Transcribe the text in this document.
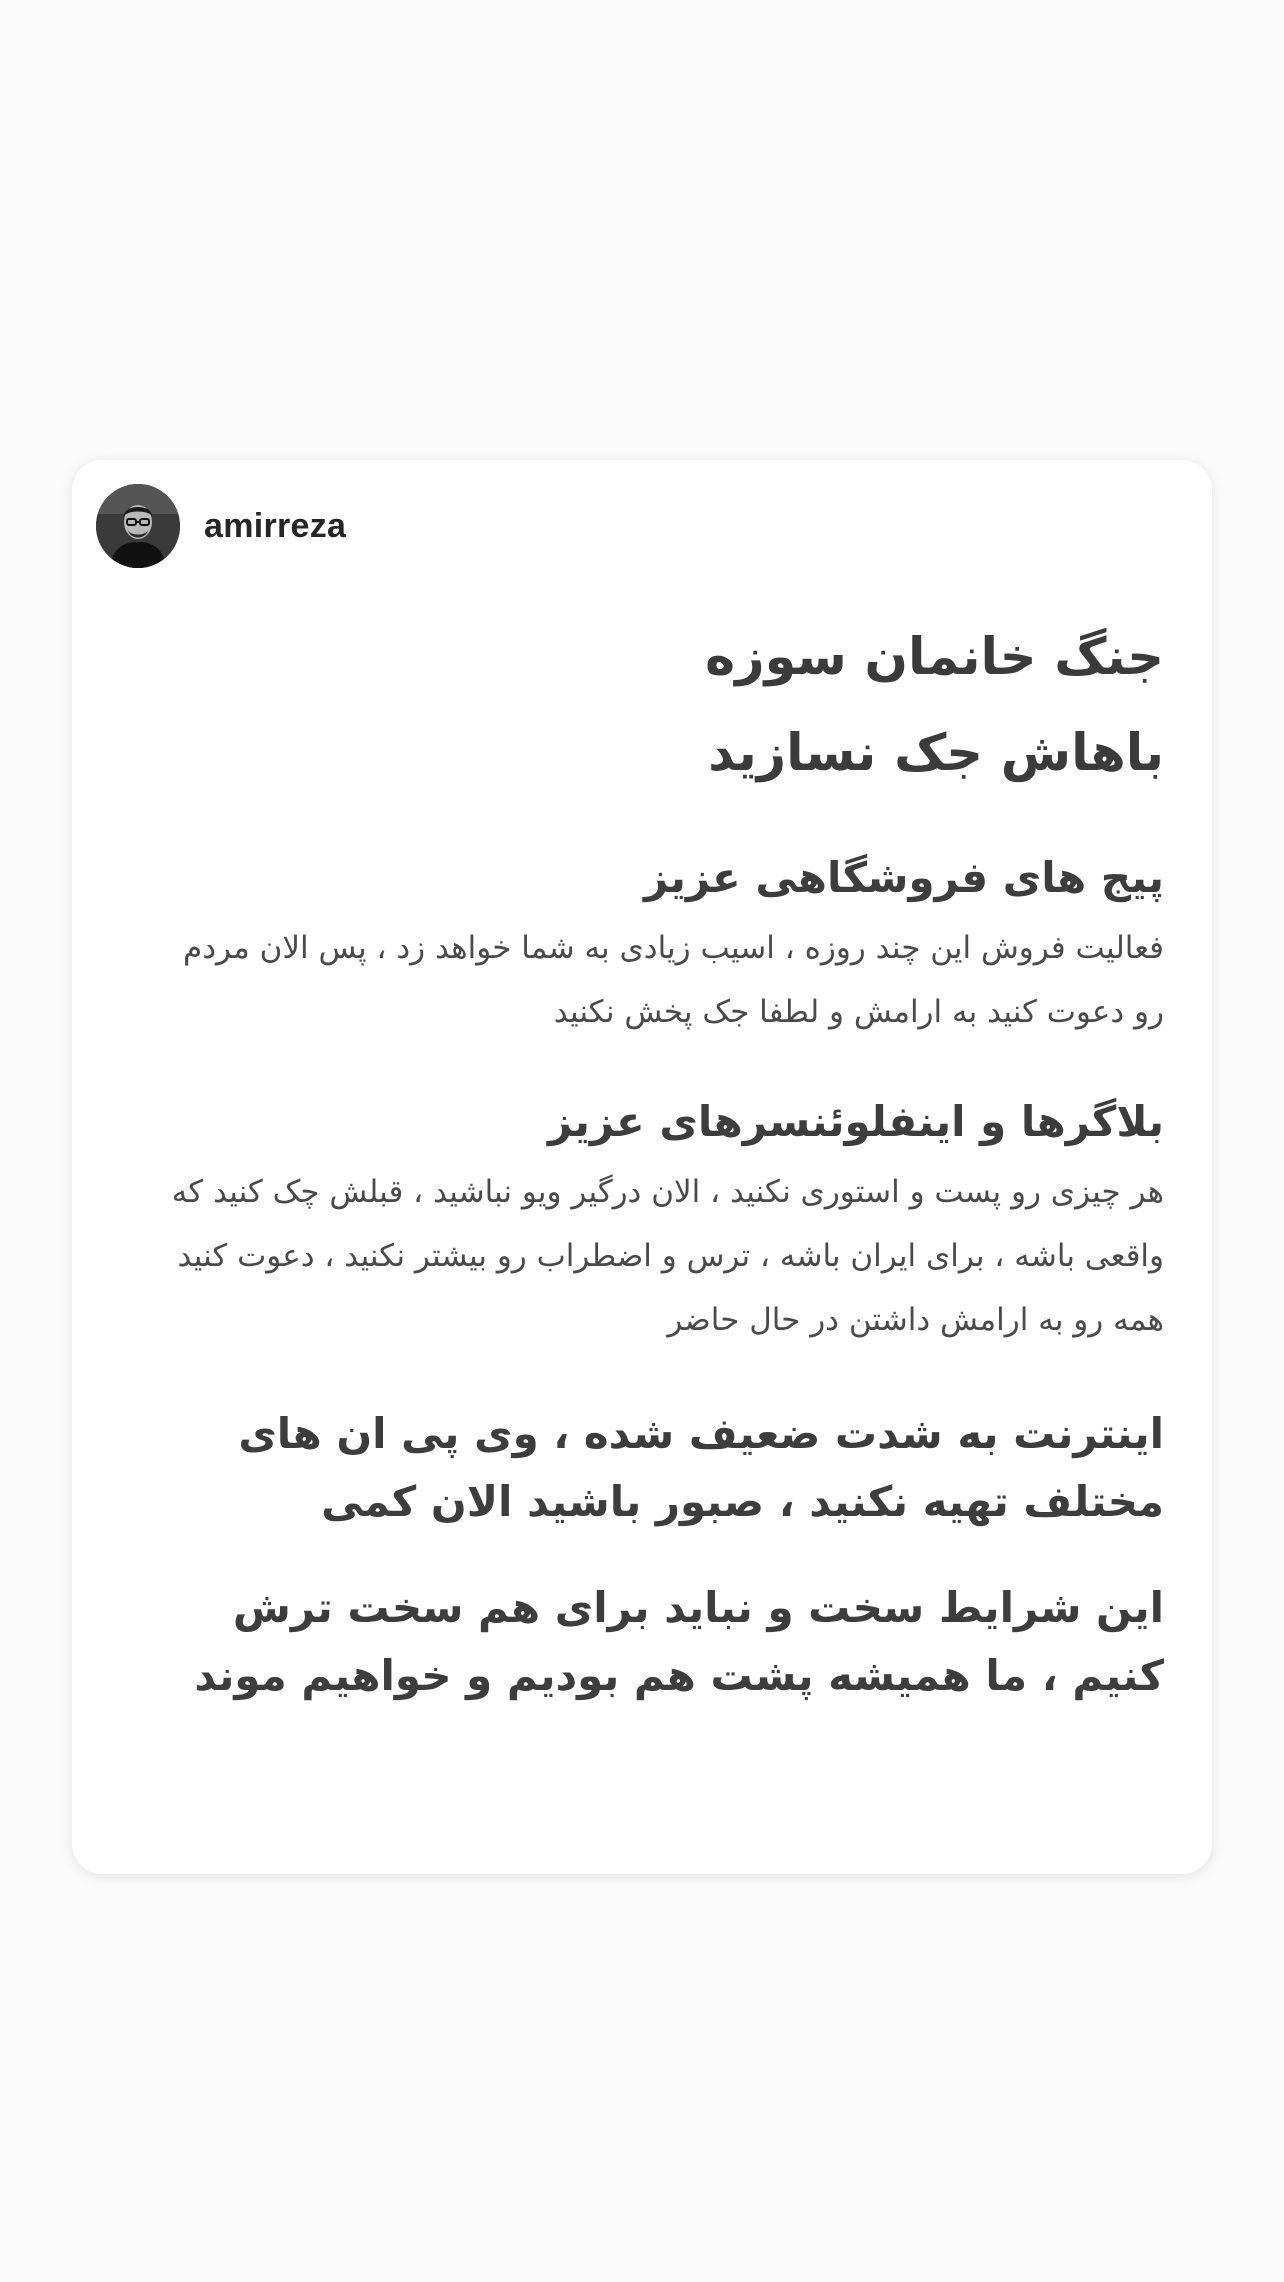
amirreza

جنگ خانمان سوزه

باهاش جک نسازید

پیج های فروشگاهی عزیز

فعالیت فروش این چند روزه ، اسیب زیادی به شما خواهد زد ، پس الان مردم رو دعوت کنید به ارامش و لطفا جک پخش نکنید

بلاگرها و اینفلوئنسرهای عزیز

هر چیزی رو پست و استوری نکنید ، الان درگیر ویو نباشید ، قبلش چک کنید که واقعی باشه ، برای ایران باشه ، ترس و اضطراب رو بیشتر نکنید ، دعوت کنید همه رو به ارامش داشتن در حال حاضر

اینترنت به شدت ضعیف شده ، وی پی ان های مختلف تهیه نکنید ، صبور باشید الان کمی

این شرایط سخت و نباید برای هم سخت ترش کنیم ، ما همیشه پشت هم بودیم و خواهیم موند
